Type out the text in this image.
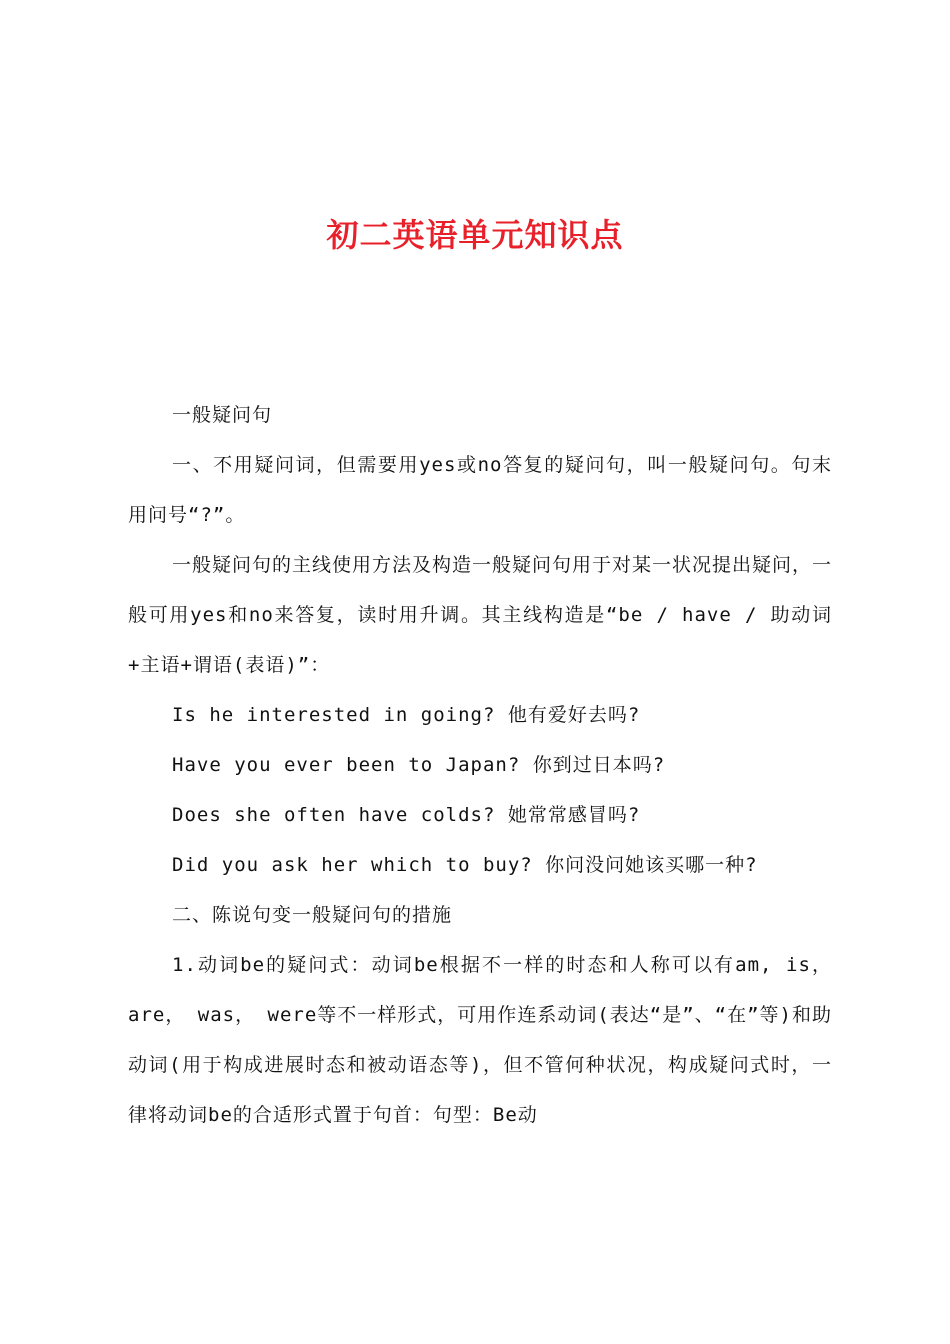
初二英语单元知识点

一般疑问句

一、不用疑问词，但需要用yes或no答复的疑问句，叫一般疑问句。句末用问号“?”。

一般疑问句的主线使用方法及构造一般疑问句用于对某一状况提出疑问，一般可用yes和no来答复，读时用升调。其主线构造是“be / have / 助动词+主语+谓语(表语)”：

Is he interested in going? 他有爱好去吗?

Have you ever been to Japan? 你到过日本吗?

Does she often have colds? 她常常感冒吗?

Did you ask her which to buy? 你问没问她该买哪一种?

二、陈说句变一般疑问句的措施

1.动词be的疑问式：动词be根据不一样的时态和人称可以有am, is， are， was， were等不一样形式，可用作连系动词(表达“是”、“在”等)和助动词(用于构成进展时态和被动语态等)，但不管何种状况，构成疑问式时，一律将动词be的合适形式置于句首：句型：Be动
